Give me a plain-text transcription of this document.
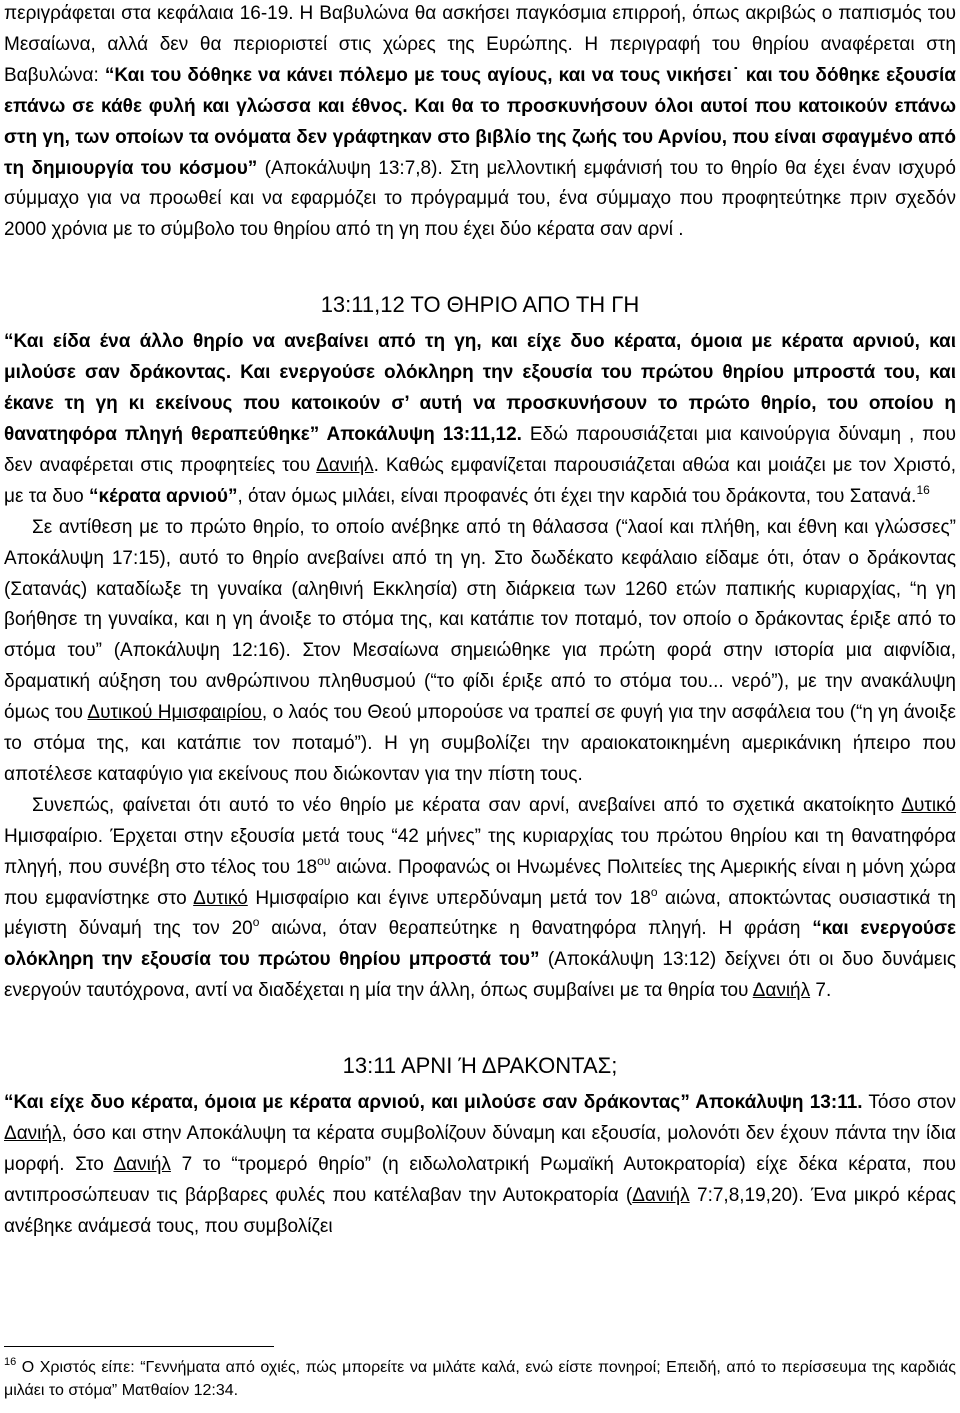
περιγράφεται στα κεφάλαια 16-19. Η Βαβυλώνα θα ασκήσει παγκόσμια επιρροή, όπως ακριβώς ο παπισμός του Μεσαίωνα, αλλά δεν θα περιοριστεί στις χώρες της Ευρώπης. Η περιγραφή του θηρίου αναφέρεται στη Βαβυλώνα: “Και του δόθηκε να κάνει πόλεμο με τους αγίους, και να τους νικήσει˙ και του δόθηκε εξουσία επάνω σε κάθε φυλή και γλώσσα και έθνος. Και θα το προσκυνήσουν όλοι αυτοί που κατοικούν επάνω στη γη, των οποίων τα ονόματα δεν γράφτηκαν στο βιβλίο της ζωής του Αρνίου, που είναι σφαγμένο από τη δημιουργία του κόσμου” (Αποκάλυψη 13:7,8). Στη μελλοντική εμφάνισή του το θηρίο θα έχει έναν ισχυρό σύμμαχο για να προωθεί και να εφαρμόζει το πρόγραμμά του, ένα σύμμαχο που προφητεύτηκε πριν σχεδόν 2000 χρόνια με το σύμβολο του θηρίου από τη γη που έχει δύο κέρατα σαν αρνί .

13:11,12 ΤΟ ΘΗΡΙΟ ΑΠΟ ΤΗ ΓΗ

“Και είδα ένα άλλο θηρίο να ανεβαίνει από τη γη, και είχε δυο κέρατα, όμοια με κέρατα αρνιού, και μιλούσε σαν δράκοντας. Και ενεργούσε ολόκληρη την εξουσία του πρώτου θηρίου μπροστά του, και έκανε τη γη κι εκείνους που κατοικούν σ’ αυτή να προσκυνήσουν το πρώτο θηρίο, του οποίου η θανατηφόρα πληγή θεραπεύθηκε” Αποκάλυψη 13:11,12. Εδώ παρουσιάζεται μια καινούργια δύναμη , που δεν αναφέρεται στις προφητείες του Δανιήλ. Καθώς εμφανίζεται παρουσιάζεται αθώα και μοιάζει με τον Χριστό, με τα δυο “κέρατα αρνιού”, όταν όμως μιλάει, είναι προφανές ότι έχει την καρδιά του δράκοντα, του Σατανά.$^{16}$

Σε αντίθεση με το πρώτο θηρίο, το οποίο ανέβηκε από τη θάλασσα (“λαοί και πλήθη, και έθνη και γλώσσες” Αποκάλυψη 17:15), αυτό το θηρίο ανεβαίνει από τη γη. Στο δωδέκατο κεφάλαιο είδαμε ότι, όταν ο δράκοντας (Σατανάς) καταδίωξε τη γυναίκα (αληθινή Εκκλησία) στη διάρκεια των 1260 ετών παπικής κυριαρχίας, “η γη βοήθησε τη γυναίκα, και η γη άνοιξε το στόμα της, και κατάπιε τον ποταμό, τον οποίο ο δράκοντας έριξε από το στόμα του” (Αποκάλυψη 12:16). Στον Μεσαίωνα σημειώθηκε για πρώτη φορά στην ιστορία μια αιφνίδια, δραματική αύξηση του ανθρώπινου πληθυσμού (“το φίδι έριξε από το στόμα του... νερό”), με την ανακάλυψη όμως του Δυτικού Ημισφαιρίου, ο λαός του Θεού μπορούσε να τραπεί σε φυγή για την ασφάλεια του (“η γη άνοιξε το στόμα της, και κατάπιε τον ποταμό”). Η γη συμβολίζει την αραιοκατοικημένη αμερικάνικη ήπειρο που αποτέλεσε καταφύγιο για εκείνους που διώκονταν για την πίστη τους.

Συνεπώς, φαίνεται ότι αυτό το νέο θηρίο με κέρατα σαν αρνί, ανεβαίνει από το σχετικά ακατοίκητο Δυτικό Ημισφαίριο. Έρχεται στην εξουσία μετά τους “42 μήνες” της κυριαρχίας του πρώτου θηρίου και τη θανατηφόρα πληγή, που συνέβη στο τέλος του $18^{o\upsilon}$ αιώνα. Προφανώς οι Ηνωμένες Πολιτείες της Αμερικής είναι η μόνη χώρα που εμφανίστηκε στο Δυτικό Ημισφαίριο και έγινε υπερδύναμη μετά τον $18^o$ αιώνα, αποκτώντας ουσιαστικά τη μέγιστη δύναμή της τον $20^o$ αιώνα, όταν θεραπεύτηκε η θανατηφόρα πληγή. Η φράση “και ενεργούσε ολόκληρη την εξουσία του πρώτου θηρίου μπροστά του” (Αποκάλυψη 13:12) δείχνει ότι οι δυο δυνάμεις ενεργούν ταυτόχρονα, αντί να διαδέχεται η μία την άλλη, όπως συμβαίνει με τα θηρία του Δανιήλ 7.

13:11 ΑΡΝΙ Ή ΔΡΑΚΟΝΤΑΣ;

“Και είχε δυο κέρατα, όμοια με κέρατα αρνιού, και μιλούσε σαν δράκοντας” Αποκάλυψη 13:11. Τόσο στον Δανιήλ, όσο και στην Αποκάλυψη τα κέρατα συμβολίζουν δύναμη και εξουσία, μολονότι δεν έχουν πάντα την ίδια μορφή. Στο Δανιήλ 7 το “τρομερό θηρίο” (η ειδωλολατρική Ρωμαϊκή Αυτοκρατορία) είχε δέκα κέρατα, που αντιπροσώπευαν τις βάρβαρες φυλές που κατέλαβαν την Αυτοκρατορία (Δανιήλ 7:7,8,19,20). Ένα μικρό κέρας ανέβηκε ανάμεσά τους, που συμβολίζει

$^{16}$ Ο Χριστός είπε: “Γεννήματα από οχιές, πώς μπορείτε να μιλάτε καλά, ενώ είστε πονηροί; Επειδή, από το περίσσευμα της καρδιάς μιλάει το στόμα” Ματθαίον 12:34.
